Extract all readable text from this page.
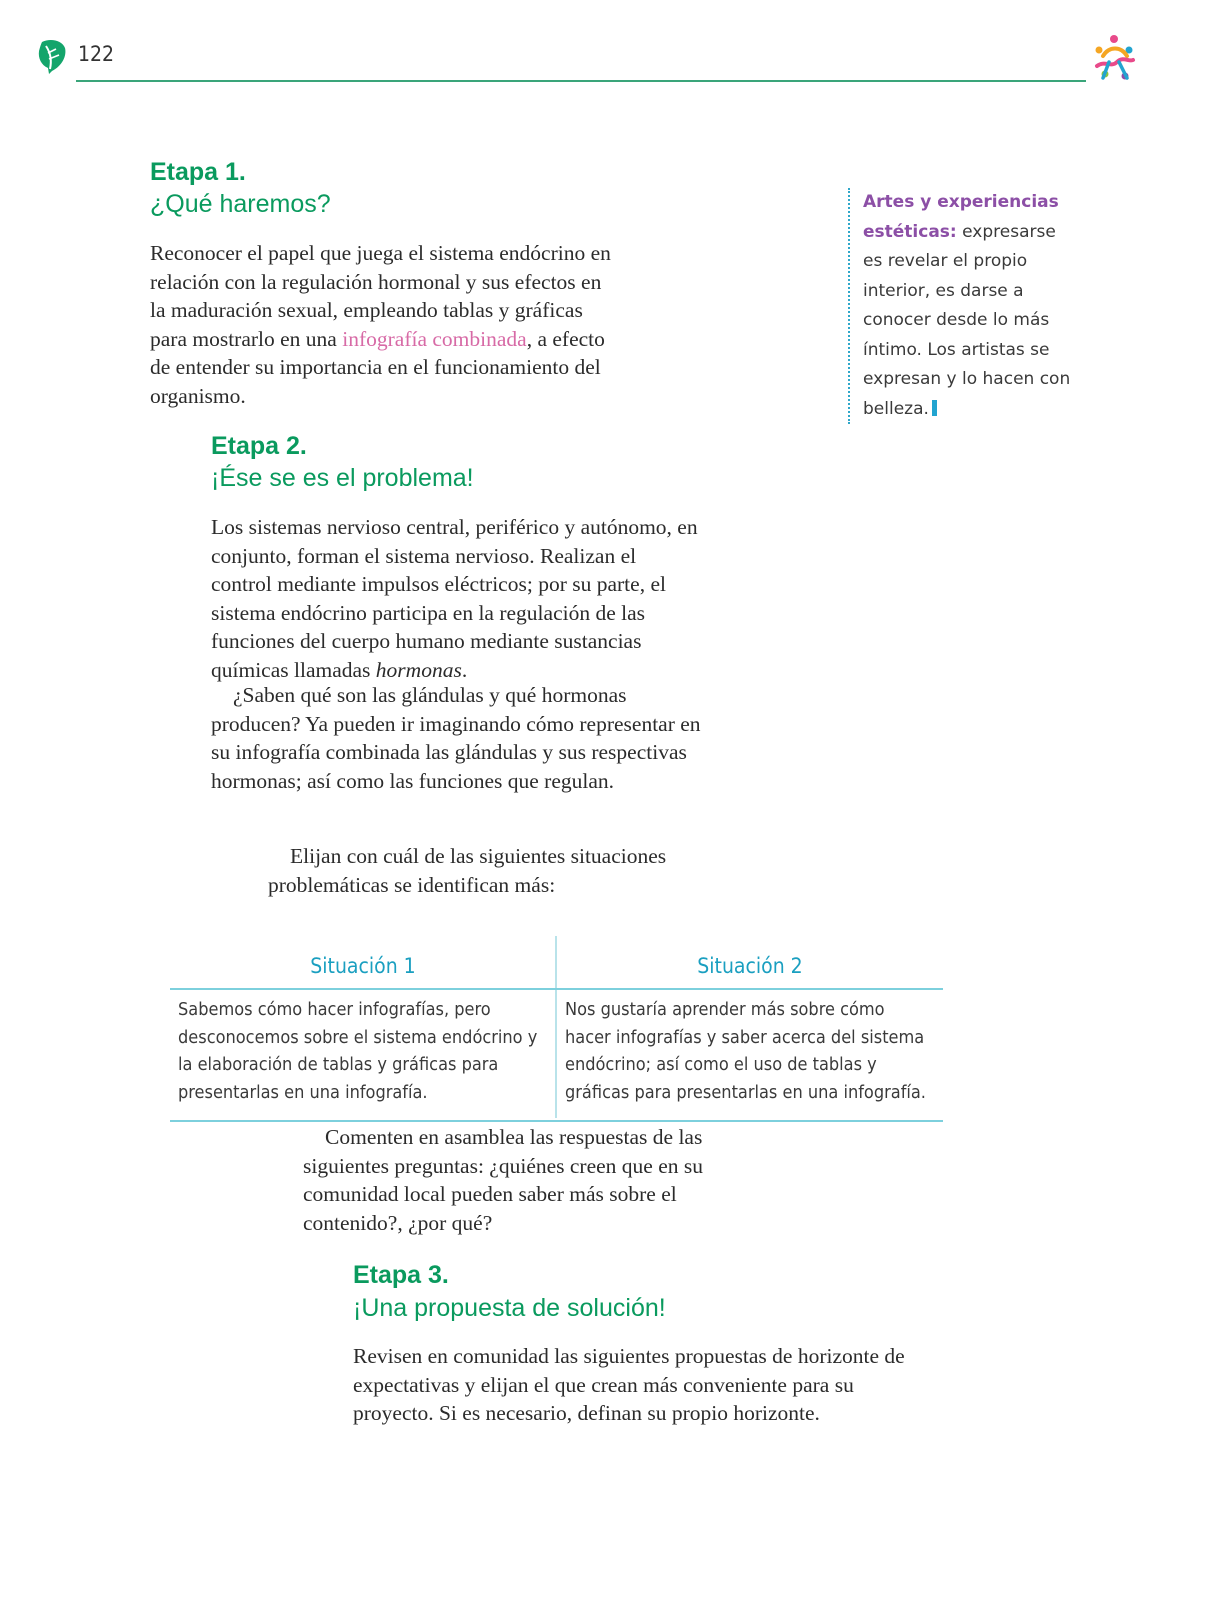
122
Etapa 1.
¿Qué haremos?
Reconocer el papel que juega el sistema endócrino en relación con la regulación hormonal y sus efectos en la maduración sexual, empleando tablas y gráficas para mostrarlo en una infografía combinada, a efecto de entender su importancia en el funcionamiento del organismo.
Artes y experiencias estéticas: expresarse es revelar el propio interior, es darse a conocer desde lo más íntimo. Los artistas se expresan y lo hacen con belleza.
Etapa 2.
¡Ése se es el problema!
Los sistemas nervioso central, periférico y autónomo, en conjunto, forman el sistema nervioso. Realizan el control mediante impulsos eléctricos; por su parte, el sistema endócrino participa en la regulación de las funciones del cuerpo humano mediante sustancias químicas llamadas hormonas.
¿Saben qué son las glándulas y qué hormonas producen? Ya pueden ir imaginando cómo representar en su infografía combinada las glándulas y sus respectivas hormonas; así como las funciones que regulan.
Elijan con cuál de las siguientes situaciones problemáticas se identifican más:
Situación 1	Situación 2
Sabemos cómo hacer infografías, pero desconocemos sobre el sistema endócrino y la elaboración de tablas y gráficas para presentarlas en una infografía.
Nos gustaría aprender más sobre cómo hacer infografías y saber acerca del sistema endócrino; así como el uso de tablas y gráficas para presentarlas en una infografía.
Comenten en asamblea las respuestas de las siguientes preguntas: ¿quiénes creen que en su comunidad local pueden saber más sobre el contenido?, ¿por qué?
Etapa 3.
¡Una propuesta de solución!
Revisen en comunidad las siguientes propuestas de horizonte de expectativas y elijan el que crean más conveniente para su proyecto. Si es necesario, definan su propio horizonte.
